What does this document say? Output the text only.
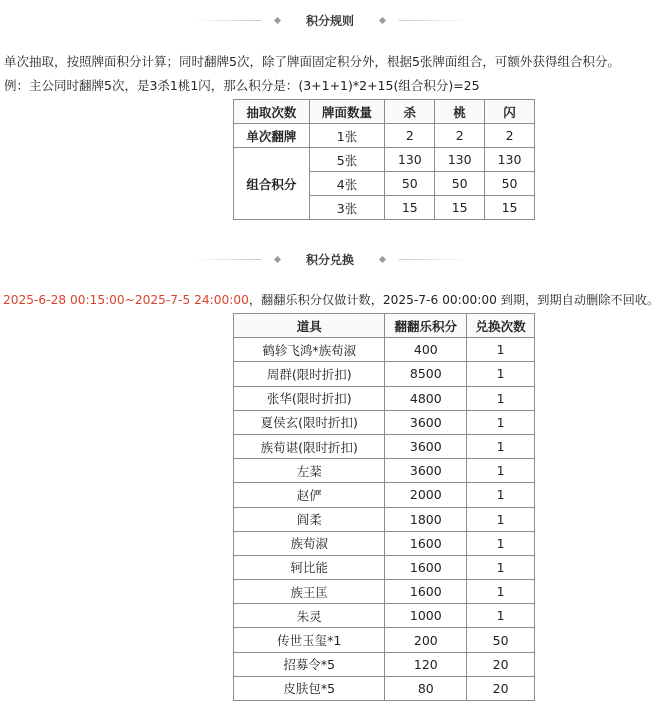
积分规则
单次抽取，按照牌面积分计算；同时翻牌5次，除了牌面固定积分外，根据5张牌面组合，可额外获得组合积分。
例：主公同时翻牌5次，是3杀1桃1闪，那么积分是：(3+1+1)*2+15(组合积分)=25
抽取次数	牌面数量	杀	桃	闪
单次翻牌	1张	2	2	2
组合积分	5张	130	130	130
	4张	50	50	50
	3张	15	15	15
积分兑换
2025-6-28 00:15:00~2025-7-5 24:00:00，翻翻乐积分仅做计数，2025-7-6 00:00:00 到期，到期自动删除不回收。
道具	翻翻乐积分	兑换次数
鹤轸飞鸿*族荀淑	400	1
周群(限时折扣)	8500	1
张华(限时折扣)	4800	1
夏侯玄(限时折扣)	3600	1
族荀谌(限时折扣)	3600	1
左棻	3600	1
赵俨	2000	1
阎柔	1800	1
族荀淑	1600	1
轲比能	1600	1
族王匡	1600	1
朱灵	1000	1
传世玉玺*1	200	50
招募令*5	120	20
皮肤包*5	80	20
